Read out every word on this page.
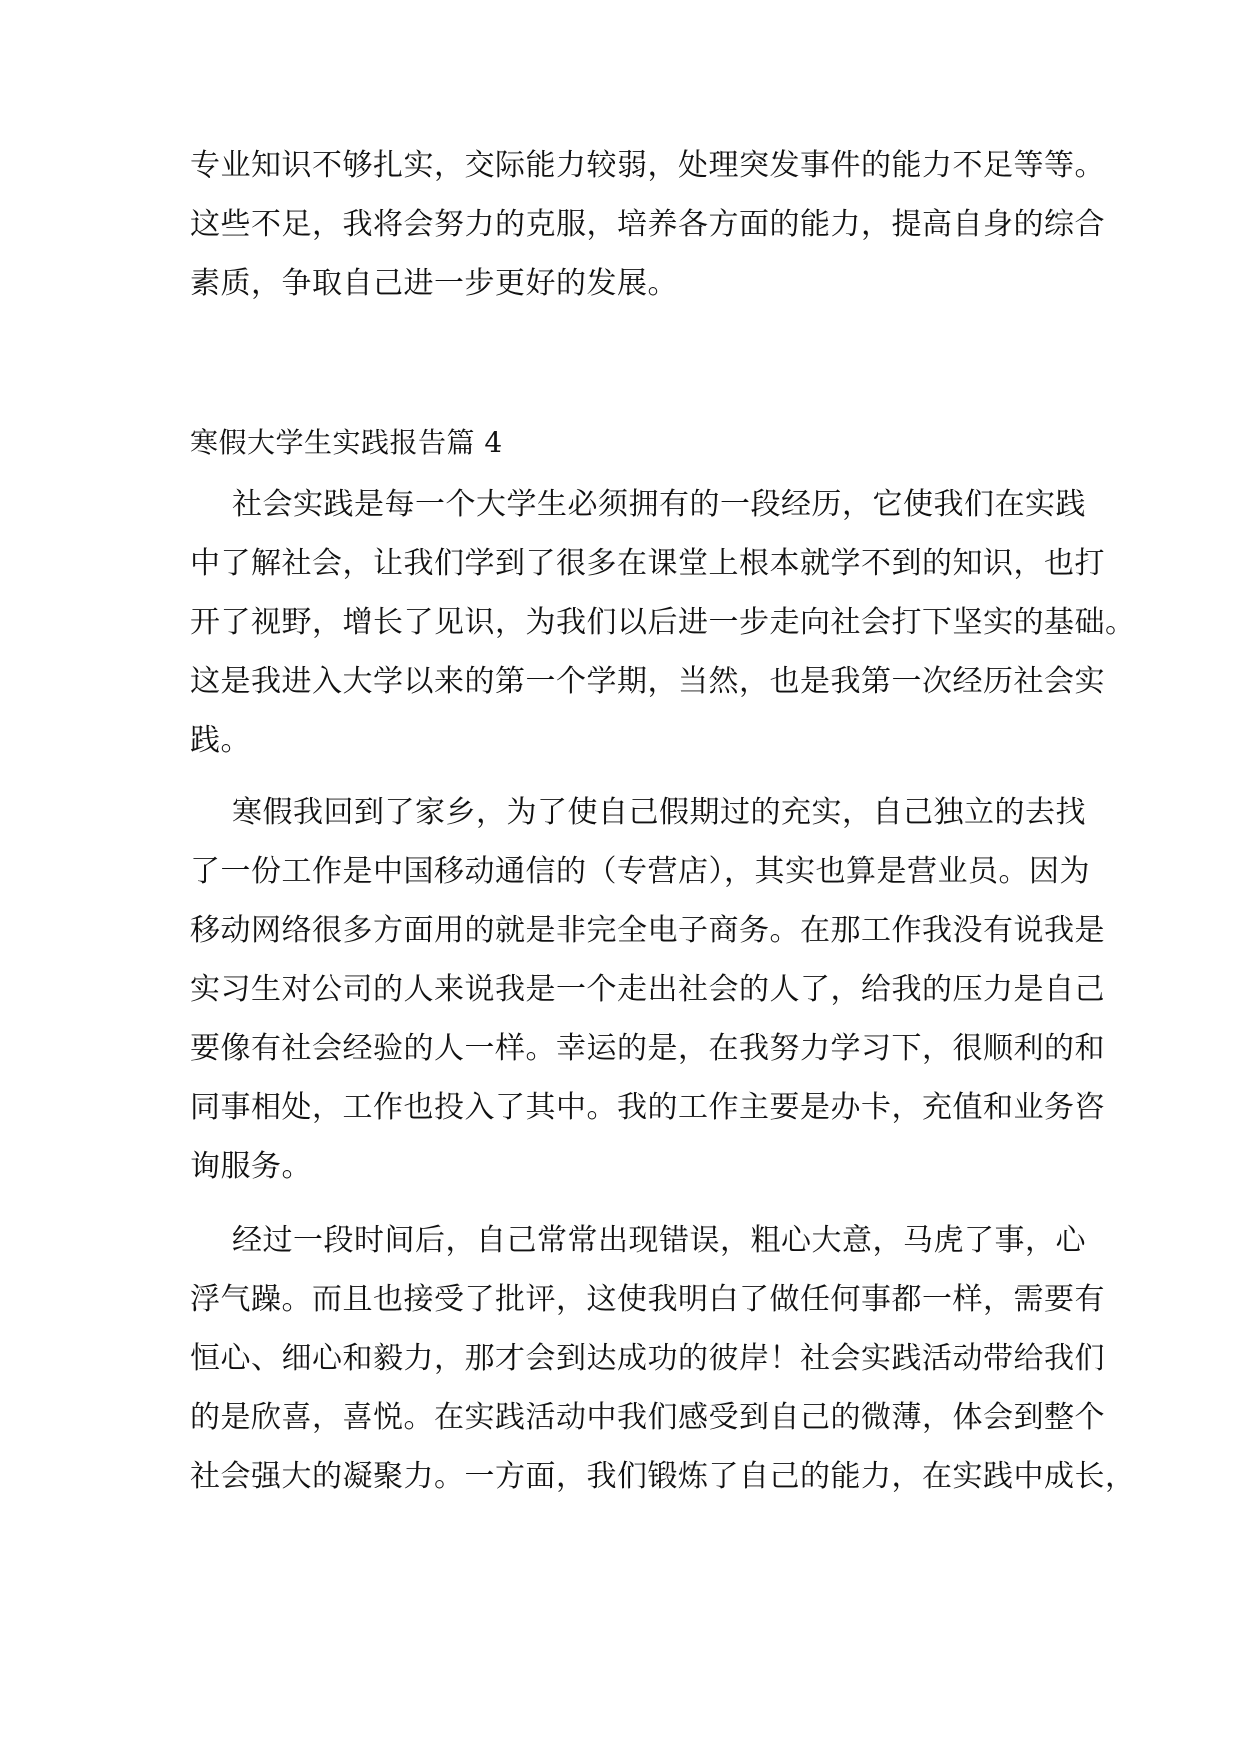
专业知识不够扎实，交际能力较弱，处理突发事件的能力不足等等。
这些不足，我将会努力的克服，培养各方面的能力，提高自身的综合
素质，争取自己进一步更好的发展。
寒假大学生实践报告篇 4
社会实践是每一个大学生必须拥有的一段经历，它使我们在实践
中了解社会，让我们学到了很多在课堂上根本就学不到的知识，也打
开了视野，增长了见识，为我们以后进一步走向社会打下坚实的基础。
这是我进入大学以来的第一个学期，当然，也是我第一次经历社会实
践。
寒假我回到了家乡，为了使自己假期过的充实，自己独立的去找
了一份工作是中国移动通信的（专营店），其实也算是营业员。因为
移动网络很多方面用的就是非完全电子商务。在那工作我没有说我是
实习生对公司的人来说我是一个走出社会的人了，给我的压力是自己
要像有社会经验的人一样。幸运的是，在我努力学习下，很顺利的和
同事相处，工作也投入了其中。我的工作主要是办卡，充值和业务咨
询服务。
经过一段时间后，自己常常出现错误，粗心大意，马虎了事，心
浮气躁。而且也接受了批评，这使我明白了做任何事都一样，需要有
恒心、细心和毅力，那才会到达成功的彼岸！社会实践活动带给我们
的是欣喜，喜悦。在实践活动中我们感受到自己的微薄，体会到整个
社会强大的凝聚力。一方面，我们锻炼了自己的能力，在实践中成长，
